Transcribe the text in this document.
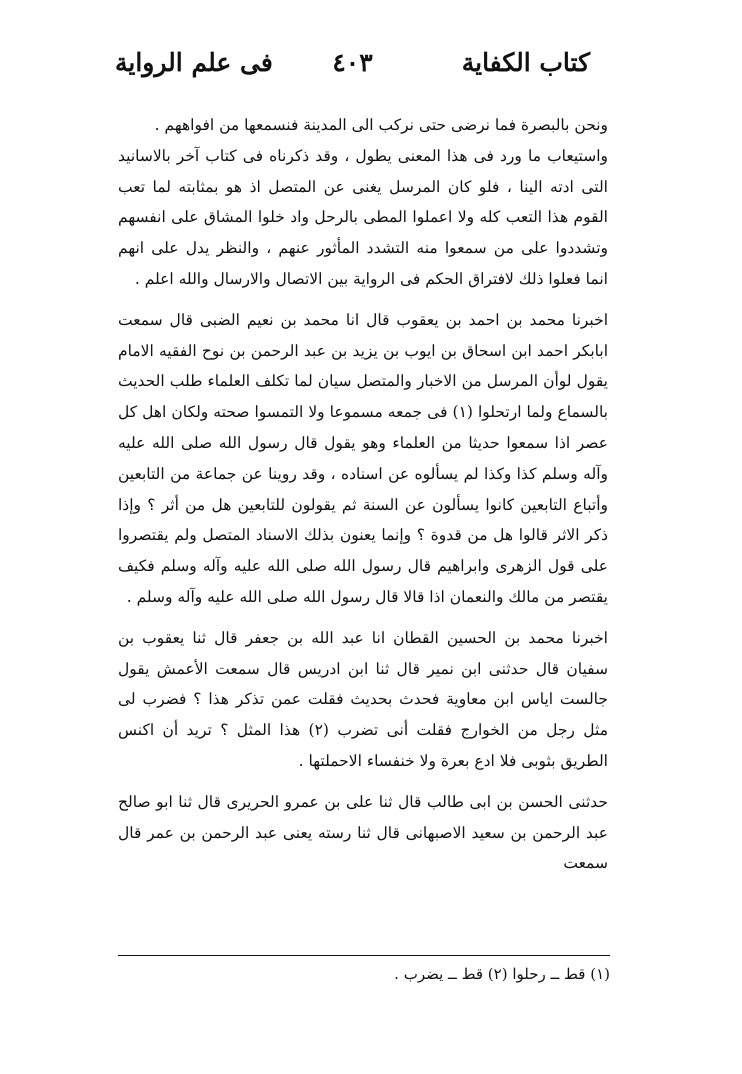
كتاب الكفاية
٤٠٣
فى علم الرواية

ونحن بالبصرة فما نرضى حتى نركب الى المدينة فنسمعها من افواههم .

واستيعاب ما ورد فى هذا المعنى يطول ، وقد ذكرناه فى كتاب آخر بالاسانيد التى ادته الينا ، فلو كان المرسل يغنى عن المتصل اذ هو بمثابته لما تعب القوم هذا التعب كله ولا اعملوا المطى بالرحل واد خلوا المشاق على انفسهم وتشددوا على من سمعوا منه التشدد المأثور عنهم ، والنظر يدل على انهم انما فعلوا ذلك لافتراق الحكم فى الرواية بين الاتصال والارسال والله اعلم .

اخبرنا محمد بن احمد بن يعقوب قال انا محمد بن نعيم الضبى قال سمعت ابابكر احمد ابن اسحاق بن ايوب بن يزيد بن عبد الرحمن بن نوح الفقيه الامام يقول لوأن المرسل من الاخبار والمتصل سيان لما تكلف العلماء طلب الحديث بالسماع ولما ارتحلوا (١) فى جمعه مسموعا ولا التمسوا صحته ولكان اهل كل عصر اذا سمعوا حديثا من العلماء وهو يقول قال رسول الله صلى الله عليه وآله وسلم كذا وكذا لم يسألوه عن اسناده ، وقد روينا عن جماعة من التابعين وأتباع التابعين كانوا يسألون عن السنة ثم يقولون للتابعين هل من أثر ؟ وإذا ذكر الاثر قالوا هل من قدوة ؟ وإنما يعنون بذلك الاسناد المتصل ولم يقتصروا على قول الزهرى وابراهيم قال رسول الله صلى الله عليه وآله وسلم فكيف يقتصر من مالك والنعمان اذا قالا قال رسول الله صلى الله عليه وآله وسلم .

اخبرنا محمد بن الحسين القطان انا عبد الله بن جعفر قال ثنا يعقوب بن سفيان قال حدثنى ابن نمير قال ثنا ابن ادريس قال سمعت الأعمش يقول جالست اياس ابن معاوية فحدث بحديث فقلت عمن تذكر هذا ؟ فضرب لى مثل رجل من الخوارج فقلت أنى تضرب (٢) هذا المثل ؟ تريد أن اكنس الطريق بثوبى فلا ادع بعرة ولا خنفساء الاحملتها .

حدثنى الحسن بن ابى طالب قال ثنا على بن عمرو الحريرى قال ثنا ابو صالح عبد الرحمن بن سعيد الاصبهانى قال ثنا رسته يعنى عبد الرحمن بن عمر قال سمعت

(١) قط ــ رحلوا (٢) قط ــ يضرب .
